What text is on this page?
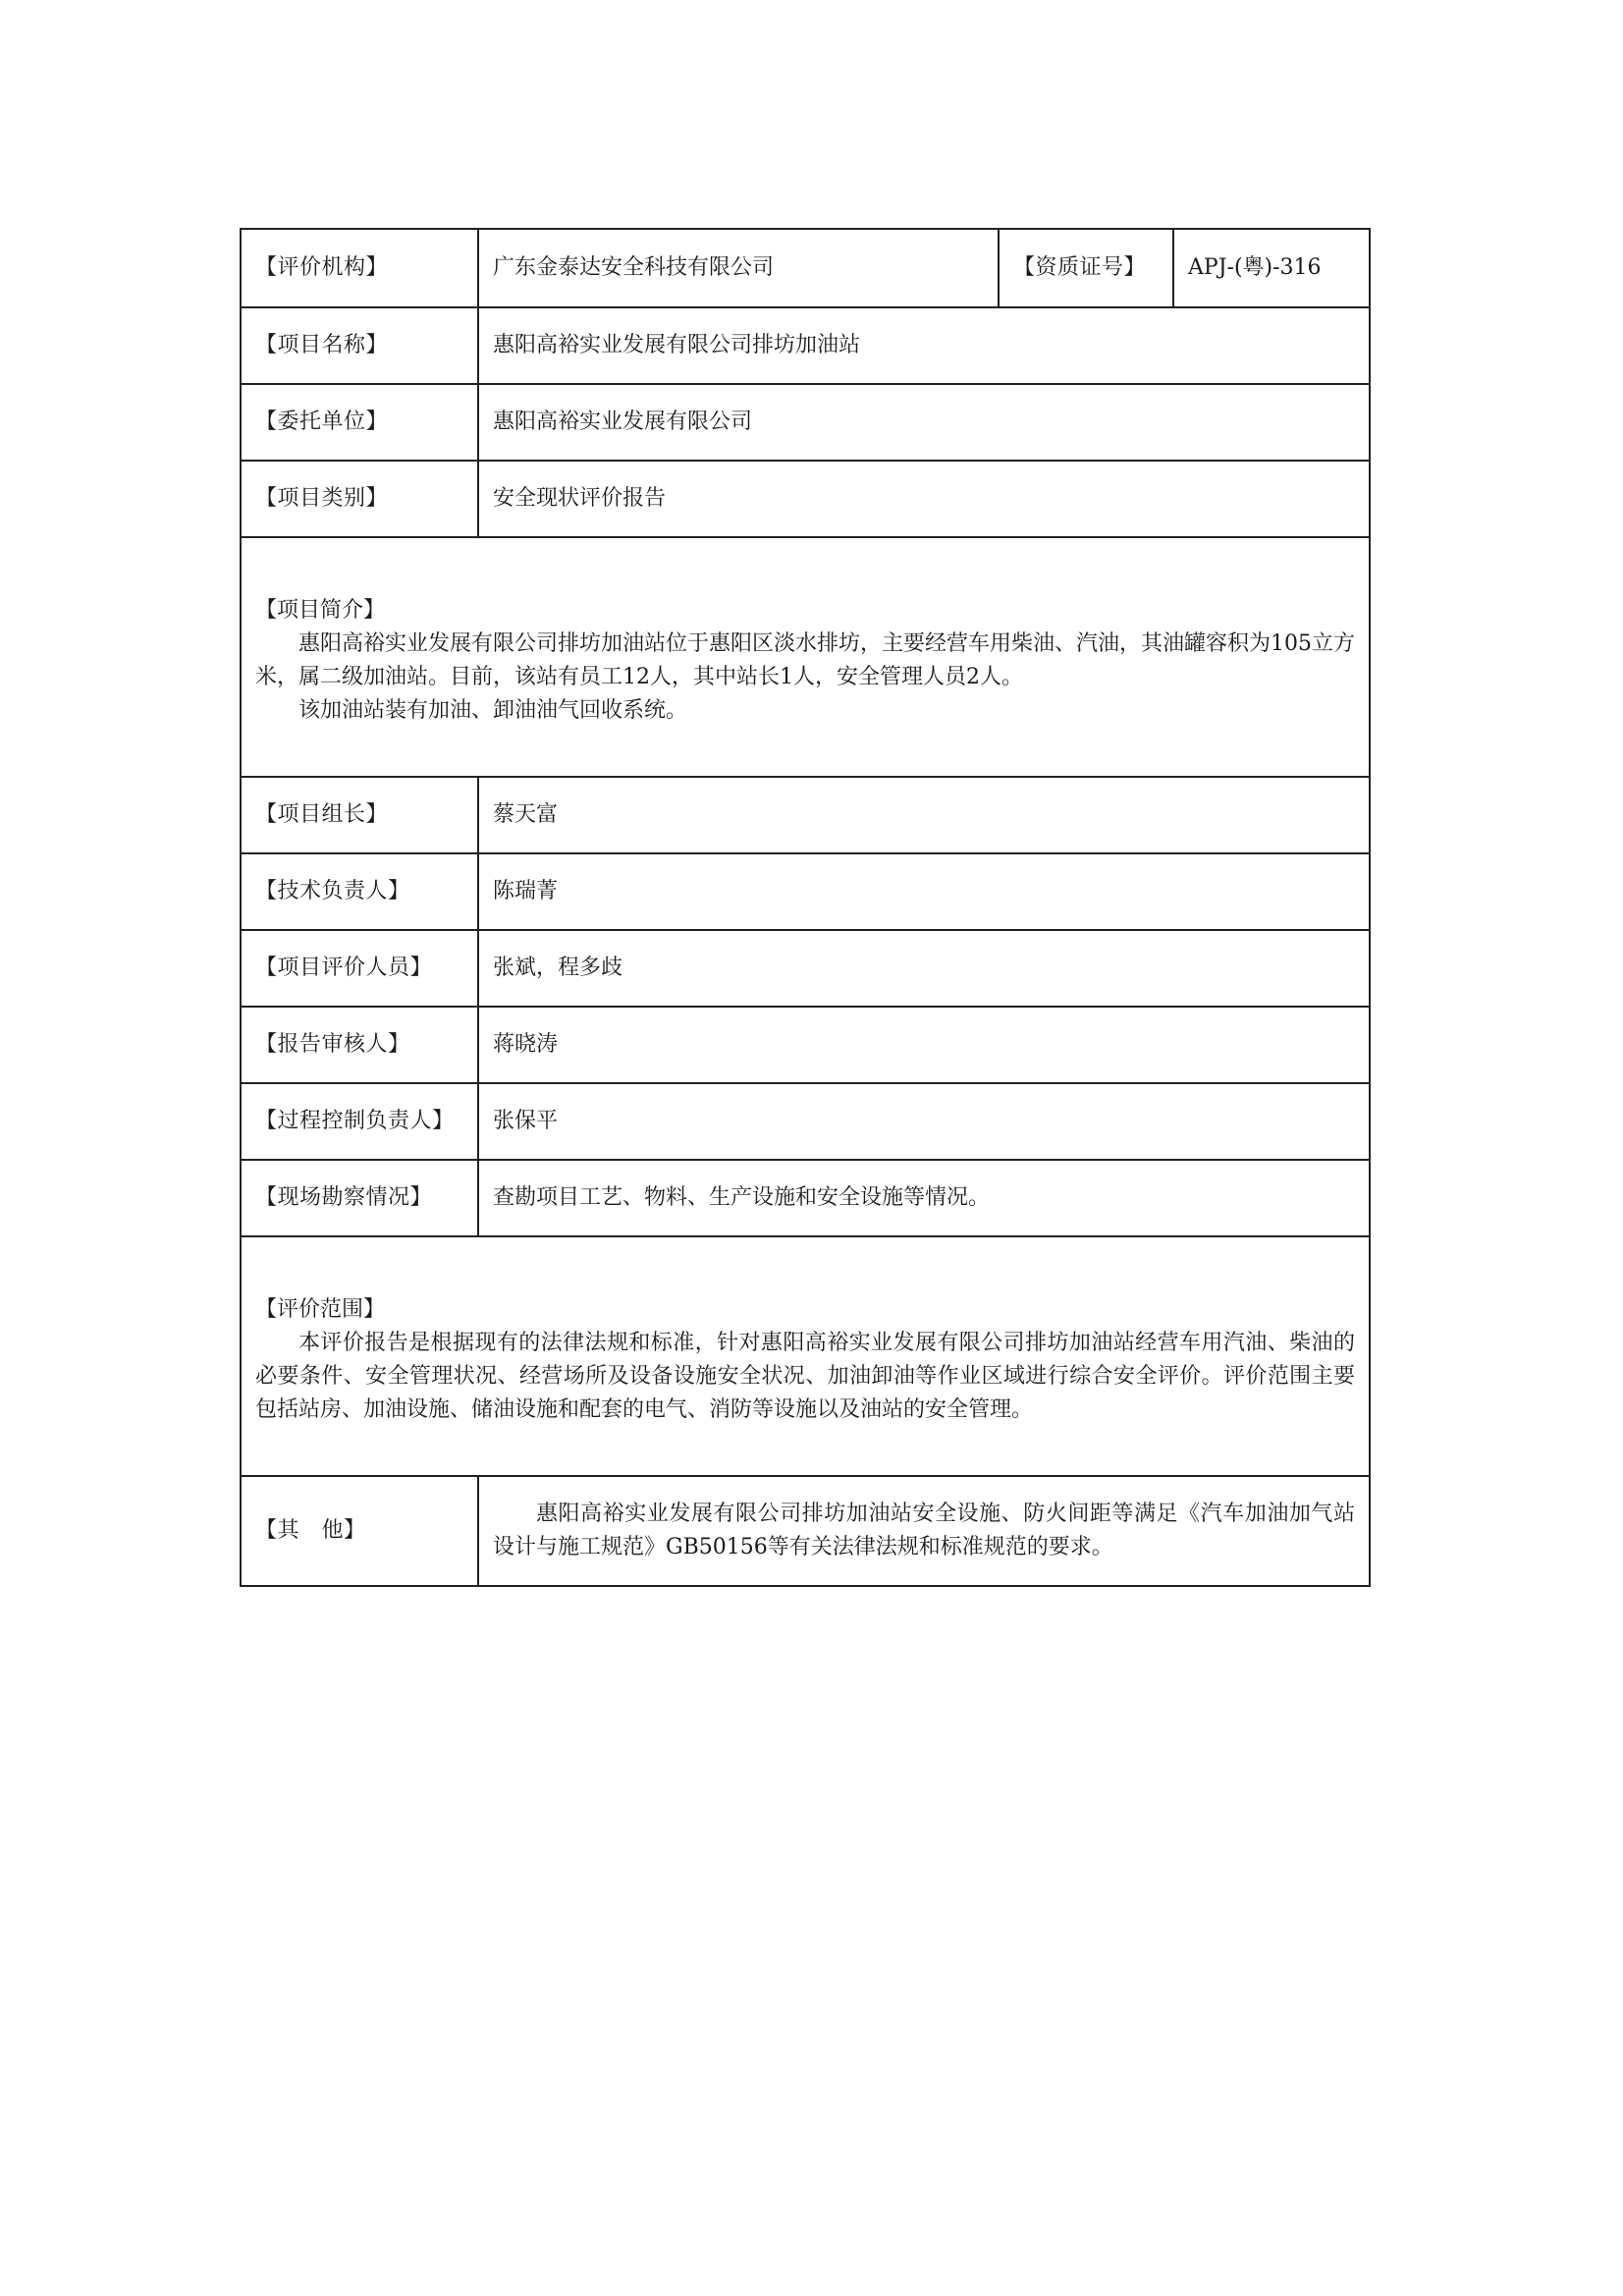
【评价机构】	广东金泰达安全科技有限公司	【资质证号】	APJ-(粤)-316
【项目名称】	惠阳高裕实业发展有限公司排坊加油站		
【委托单位】	惠阳高裕实业发展有限公司		
【项目类别】	安全现状评价报告		

【项目简介】

惠阳高裕实业发展有限公司排坊加油站位于惠阳区淡水排坊，主要经营车用柴油、汽油，其油罐容积为105立方米，属二级加油站。目前，该站有员工12人，其中站长1人，安全管理人员2人。

该加油站装有加油、卸油油气回收系统。			

【项目组长】	蔡天富		
【技术负责人】	陈瑞菁		
【项目评价人员】	张斌，程多歧		
【报告审核人】	蒋晓涛		
【过程控制负责人】	张保平		
【现场勘察情况】	查勘项目工艺、物料、生产设施和安全设施等情况。		

【评价范围】

本评价报告是根据现有的法律法规和标准，针对惠阳高裕实业发展有限公司排坊加油站经营车用汽油、柴油的必要条件、安全管理状况、经营场所及设备设施安全状况、加油卸油等作业区域进行综合安全评价。评价范围主要包括站房、加油设施、储油设施和配套的电气、消防等设施以及油站的安全管理。			

【其　他】	惠阳高裕实业发展有限公司排坊加油站安全设施、防火间距等满足《汽车加油加气站设计与施工规范》GB50156等有关法律法规和标准规范的要求。		
